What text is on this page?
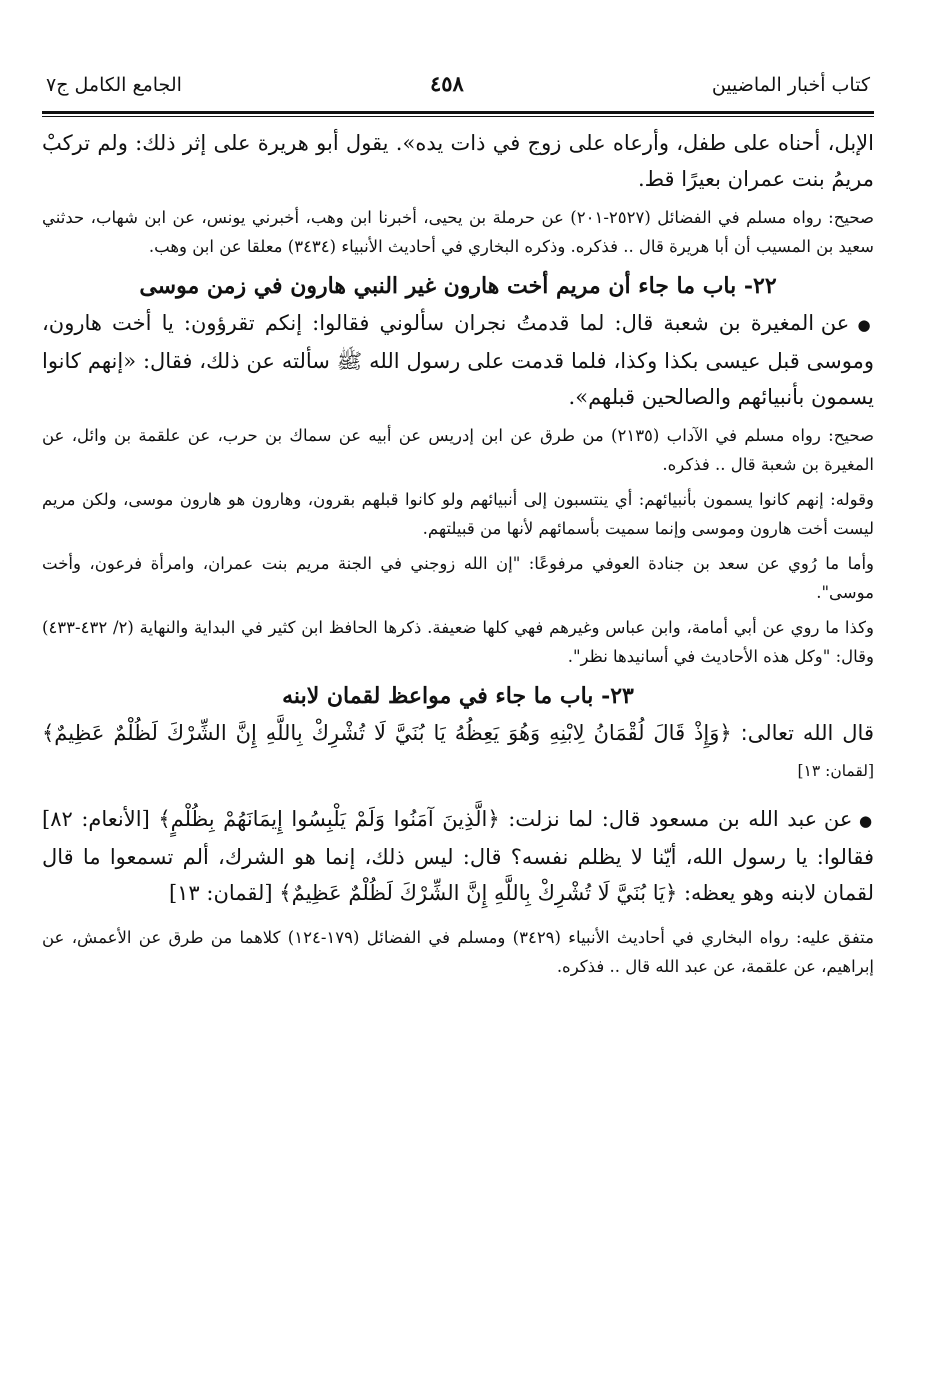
كتاب أخبار الماضيين
٤٥٨
الجامع الكامل ج٧

الإبل، أحناه على طفل، وأرعاه على زوج في ذات يده». يقول أبو هريرة على إثر ذلك: ولم تركبْ مريمُ بنت عمران بعيرًا قط.

صحيح: رواه مسلم في الفضائل (٢٥٢٧-٢٠١) عن حرملة بن يحيى، أخبرنا ابن وهب، أخبرني يونس، عن ابن شهاب، حدثني سعيد بن المسيب أن أبا هريرة قال .. فذكره. وذكره البخاري في أحاديث الأنبياء (٣٤٣٤) معلقا عن ابن وهب.

٢٢- باب ما جاء أن مريم أخت هارون غير النبي هارون في زمن موسى

● عن المغيرة بن شعبة قال: لما قدمتُ نجران سألوني فقالوا: إنكم تقرؤون: يا أخت هارون، وموسى قبل عيسى بكذا وكذا، فلما قدمت على رسول الله ﷺ سألته عن ذلك، فقال: «إنهم كانوا يسمون بأنبيائهم والصالحين قبلهم».

صحيح: رواه مسلم في الآداب (٢١٣٥) من طرق عن ابن إدريس عن أبيه عن سماك بن حرب، عن علقمة بن وائل، عن المغيرة بن شعبة قال .. فذكره.

وقوله: إنهم كانوا يسمون بأنبيائهم: أي ينتسبون إلى أنبيائهم ولو كانوا قبلهم بقرون، وهارون هو هارون موسى، ولكن مريم ليست أخت هارون وموسى وإنما سميت بأسمائهم لأنها من قبيلتهم.

وأما ما رُوي عن سعد بن جنادة العوفي مرفوعًا: "إن الله زوجني في الجنة مريم بنت عمران، وامرأة فرعون، وأخت موسى".

وكذا ما روي عن أبي أمامة، وابن عباس وغيرهم فهي كلها ضعيفة. ذكرها الحافظ ابن كثير في البداية والنهاية (٢/ ٤٣٢-٤٣٣) وقال: "وكل هذه الأحاديث في أسانيدها نظر".

٢٣- باب ما جاء في مواعظ لقمان لابنه

قال الله تعالى: ﴿وَإِذْ قَالَ لُقْمَانُ لِابْنِهِ وَهُوَ يَعِظُهُ يَا بُنَيَّ لَا تُشْرِكْ بِاللَّهِ إِنَّ الشِّرْكَ لَظُلْمٌ عَظِيمٌ﴾ [لقمان: ١٣]

● عن عبد الله بن مسعود قال: لما نزلت: ﴿الَّذِينَ آمَنُوا وَلَمْ يَلْبِسُوا إِيمَانَهُمْ بِظُلْمٍ﴾ [الأنعام: ٨٢] فقالوا: يا رسول الله، أيّنا لا يظلم نفسه؟ قال: ليس ذلك، إنما هو الشرك، ألم تسمعوا ما قال لقمان لابنه وهو يعظه: ﴿يَا بُنَيَّ لَا تُشْرِكْ بِاللَّهِ إِنَّ الشِّرْكَ لَظُلْمٌ عَظِيمٌ﴾ [لقمان: ١٣]

متفق عليه: رواه البخاري في أحاديث الأنبياء (٣٤٢٩) ومسلم في الفضائل (١٧٩-١٢٤) كلاهما من طرق عن الأعمش، عن إبراهيم، عن علقمة، عن عبد الله قال .. فذكره.
